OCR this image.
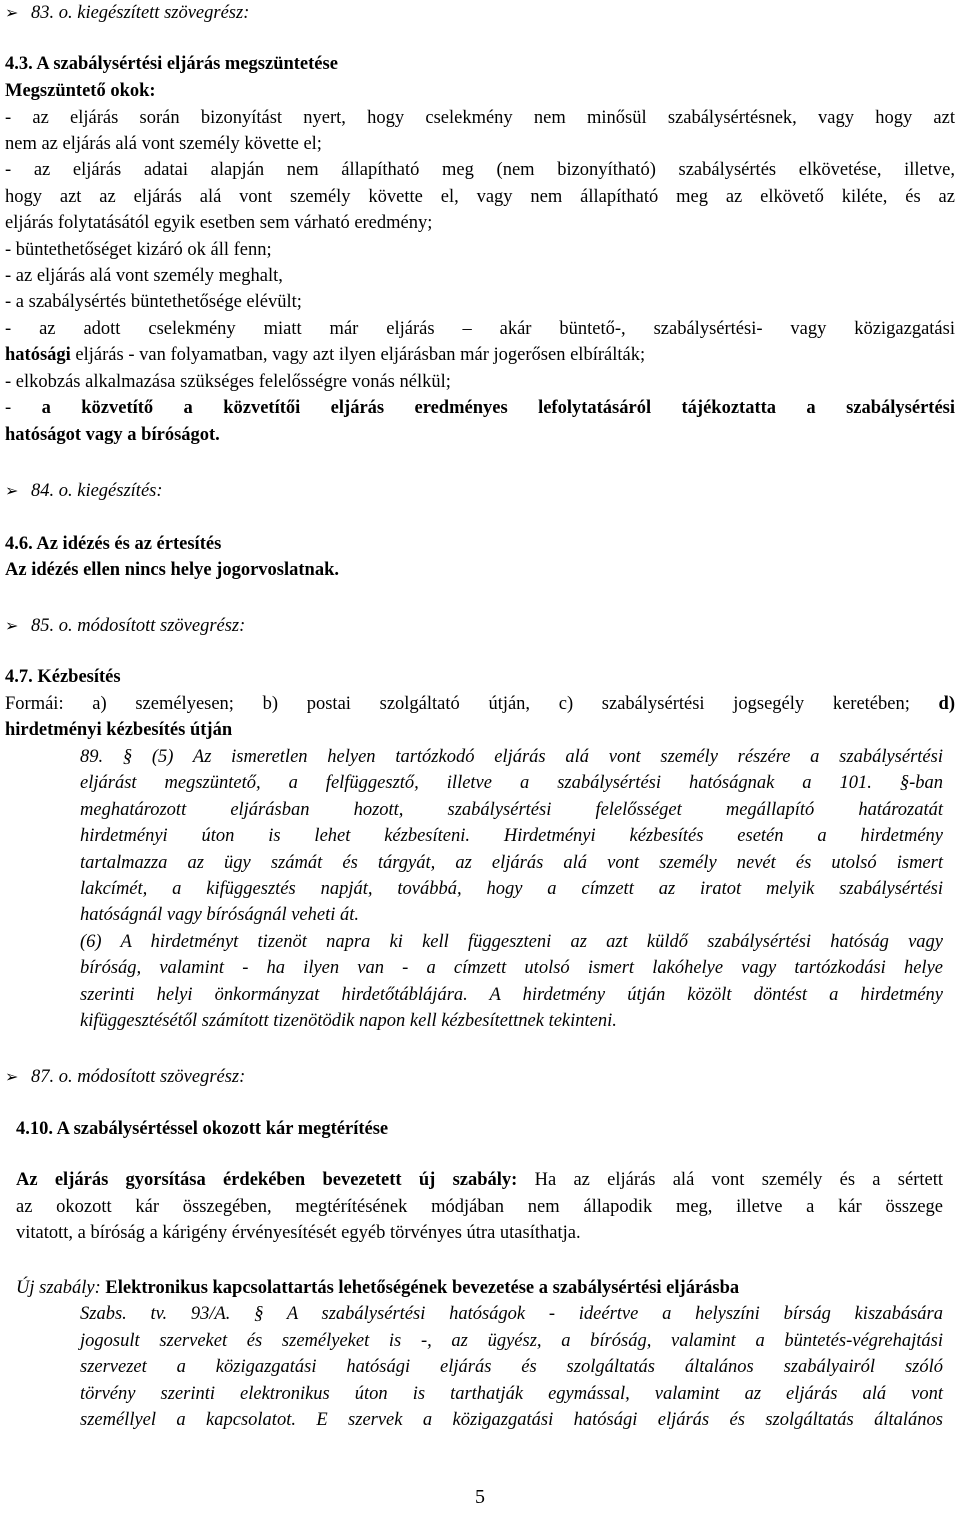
➢ 83. o. kiegészített szövegrész:
4.3. A szabálysértési eljárás megszüntetése
Megszüntető okok:
- az eljárás során bizonyítást nyert, hogy cselekmény nem minősül szabálysértésnek, vagy hogy azt
nem az eljárás alá vont személy követte el;
- az eljárás adatai alapján nem állapítható meg (nem bizonyítható) szabálysértés elkövetése, illetve,
hogy azt az eljárás alá vont személy követte el, vagy nem állapítható meg az elkövető kiléte, és az
eljárás folytatásától egyik esetben sem várható eredmény;
- büntethetőséget kizáró ok áll fenn;
- az eljárás alá vont személy meghalt,
- a szabálysértés büntethetősége elévült;
- az adott cselekmény miatt már eljárás – akár büntető-, szabálysértési- vagy közigazgatási
hatósági eljárás - van folyamatban, vagy azt ilyen eljárásban már jogerősen elbírálták;
- elkobzás alkalmazása szükséges felelősségre vonás nélkül;
- a közvetítő a közvetítői eljárás eredményes lefolytatásáról tájékoztatta a szabálysértési
hatóságot vagy a bíróságot.
➢ 84. o. kiegészítés:
4.6. Az idézés és az értesítés
Az idézés ellen nincs helye jogorvoslatnak.
➢ 85. o. módosított szövegrész:
4.7. Kézbesítés
Formái: a) személyesen; b) postai szolgáltató útján, c) szabálysértési jogsegély keretében; d)
hirdetményi kézbesítés útján
89. § (5) Az ismeretlen helyen tartózkodó eljárás alá vont személy részére a szabálysértési
eljárást megszüntető, a felfüggesztő, illetve a szabálysértési hatóságnak a 101. §-ban
meghatározott eljárásban hozott, szabálysértési felelősséget megállapító határozatát
hirdetményi úton is lehet kézbesíteni. Hirdetményi kézbesítés esetén a hirdetmény
tartalmazza az ügy számát és tárgyát, az eljárás alá vont személy nevét és utolsó ismert
lakcímét, a kifüggesztés napját, továbbá, hogy a címzett az iratot melyik szabálysértési
hatóságnál vagy bíróságnál veheti át.
(6) A hirdetményt tizenöt napra ki kell függeszteni az azt küldő szabálysértési hatóság vagy
bíróság, valamint - ha ilyen van - a címzett utolsó ismert lakóhelye vagy tartózkodási helye
szerinti helyi önkormányzat hirdetőtáblájára. A hirdetmény útján közölt döntést a hirdetmény
kifüggesztésétől számított tizenötödik napon kell kézbesítettnek tekinteni.
➢ 87. o. módosított szövegrész:
4.10. A szabálysértéssel okozott kár megtérítése
Az eljárás gyorsítása érdekében bevezetett új szabály: Ha az eljárás alá vont személy és a sértett
az okozott kár összegében, megtérítésének módjában nem állapodik meg, illetve a kár összege
vitatott, a bíróság a kárigény érvényesítését egyéb törvényes útra utasíthatja.
Új szabály: Elektronikus kapcsolattartás lehetőségének bevezetése a szabálysértési eljárásba
Szabs. tv. 93/A. § A szabálysértési hatóságok - ideértve a helyszíni bírság kiszabására
jogosult szerveket és személyeket is -, az ügyész, a bíróság, valamint a büntetés-végrehajtási
szervezet a közigazgatási hatósági eljárás és szolgáltatás általános szabályairól szóló
törvény szerinti elektronikus úton is tarthatják egymással, valamint az eljárás alá vont
személlyel a kapcsolatot. E szervek a közigazgatási hatósági eljárás és szolgáltatás általános
5
